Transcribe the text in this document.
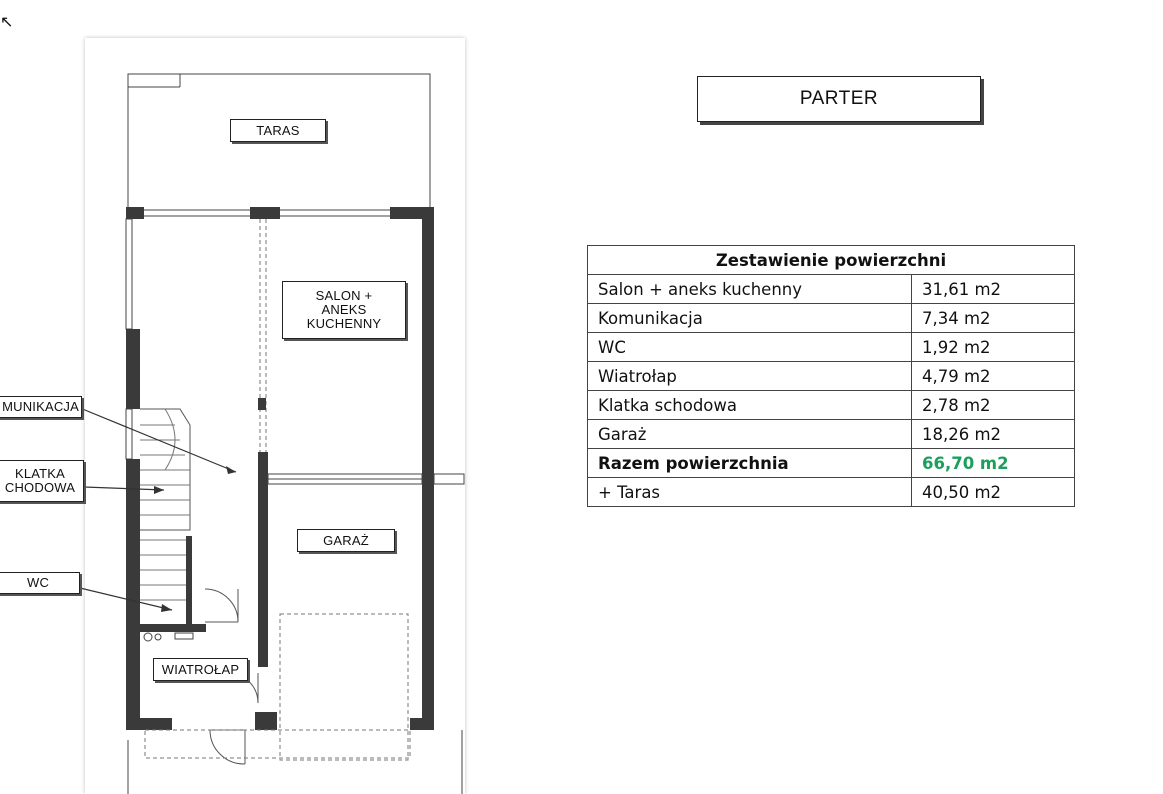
↖
TARAS
SALON +
ANEKS
KUCHENNY
GARAŻ
WIATROŁAP
MUNIKACJA
KLATKA
CHODOWA
WC
PARTER
Zestawienie powierzchni	
Salon + aneks kuchenny	31,61 m2
Komunikacja	7,34 m2
WC	1,92 m2
Wiatrołap	4,79 m2
Klatka schodowa	2,78 m2
Garaż	18,26 m2
Razem powierzchnia	66,70 m2
+ Taras	40,50 m2
